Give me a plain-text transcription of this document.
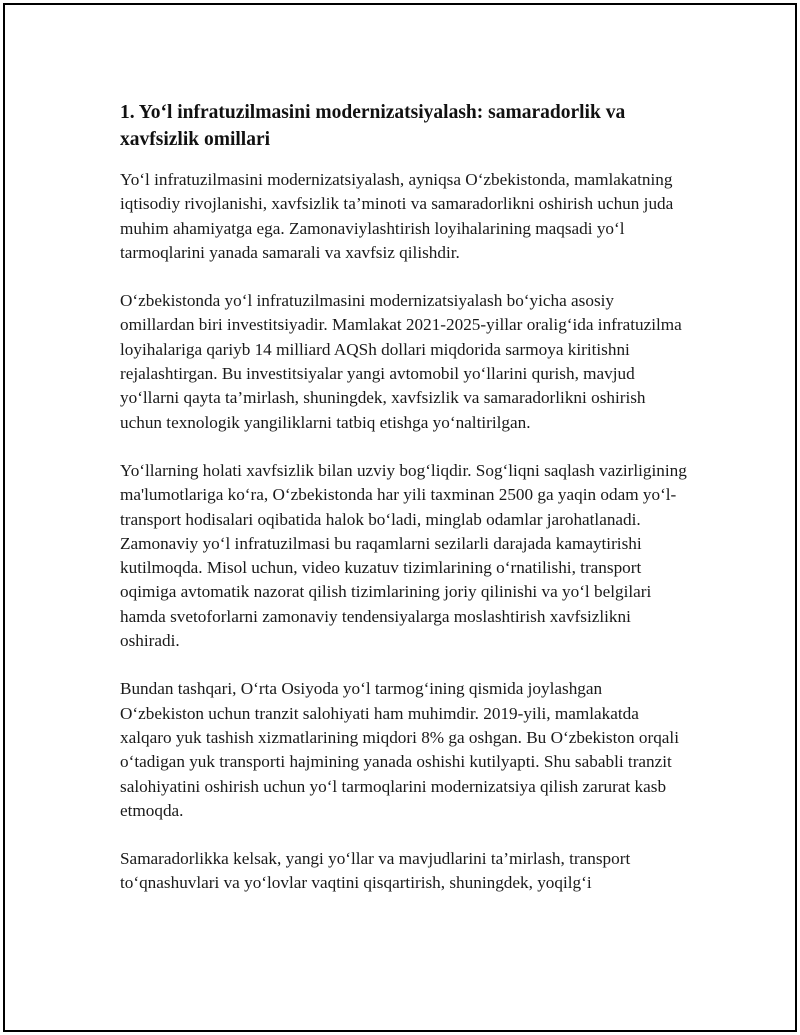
1. Yo‘l infratuzilmasini modernizatsiyalash: samaradorlik va xavfsizlik omillari

Yo‘l infratuzilmasini modernizatsiyalash, ayniqsa O‘zbekistonda, mamlakatning iqtisodiy rivojlanishi, xavfsizlik ta’minoti va samaradorlikni oshirish uchun juda muhim ahamiyatga ega. Zamonaviylashtirish loyihalarining maqsadi yo‘l tarmoqlarini yanada samarali va xavfsiz qilishdir.

O‘zbekistonda yo‘l infratuzilmasini modernizatsiyalash bo‘yicha asosiy omillardan biri investitsiyadir. Mamlakat 2021-2025-yillar oralig‘ida infratuzilma loyihalariga qariyb 14 milliard AQSh dollari miqdorida sarmoya kiritishni rejalashtirgan. Bu investitsiyalar yangi avtomobil yo‘llarini qurish, mavjud yo‘llarni qayta ta’mirlash, shuningdek, xavfsizlik va samaradorlikni oshirish uchun texnologik yangiliklarni tatbiq etishga yo‘naltirilgan.

Yo‘llarning holati xavfsizlik bilan uzviy bog‘liqdir. Sog‘liqni saqlash vazirligining ma'lumotlariga ko‘ra, O‘zbekistonda har yili taxminan 2500 ga yaqin odam yo‘l-transport hodisalari oqibatida halok bo‘ladi, minglab odamlar jarohatlanadi. Zamonaviy yo‘l infratuzilmasi bu raqamlarni sezilarli darajada kamaytirishi kutilmoqda. Misol uchun, video kuzatuv tizimlarining o‘rnatilishi, transport oqimiga avtomatik nazorat qilish tizimlarining joriy qilinishi va yo‘l belgilari hamda svetoforlarni zamonaviy tendensiyalarga moslashtirish xavfsizlikni oshiradi.

Bundan tashqari, O‘rta Osiyoda yo‘l tarmog‘ining qismida joylashgan O‘zbekiston uchun tranzit salohiyati ham muhimdir. 2019-yili, mamlakatda xalqaro yuk tashish xizmatlarining miqdori 8% ga oshgan. Bu O‘zbekiston orqali o‘tadigan yuk transporti hajmining yanada oshishi kutilyapti. Shu sababli tranzit salohiyatini oshirish uchun yo‘l tarmoqlarini modernizatsiya qilish zarurat kasb etmoqda.

Samaradorlikka kelsak, yangi yo‘llar va mavjudlarini ta’mirlash, transport to‘qnashuvlari va yo‘lovlar vaqtini qisqartirish, shuningdek, yoqilg‘i
